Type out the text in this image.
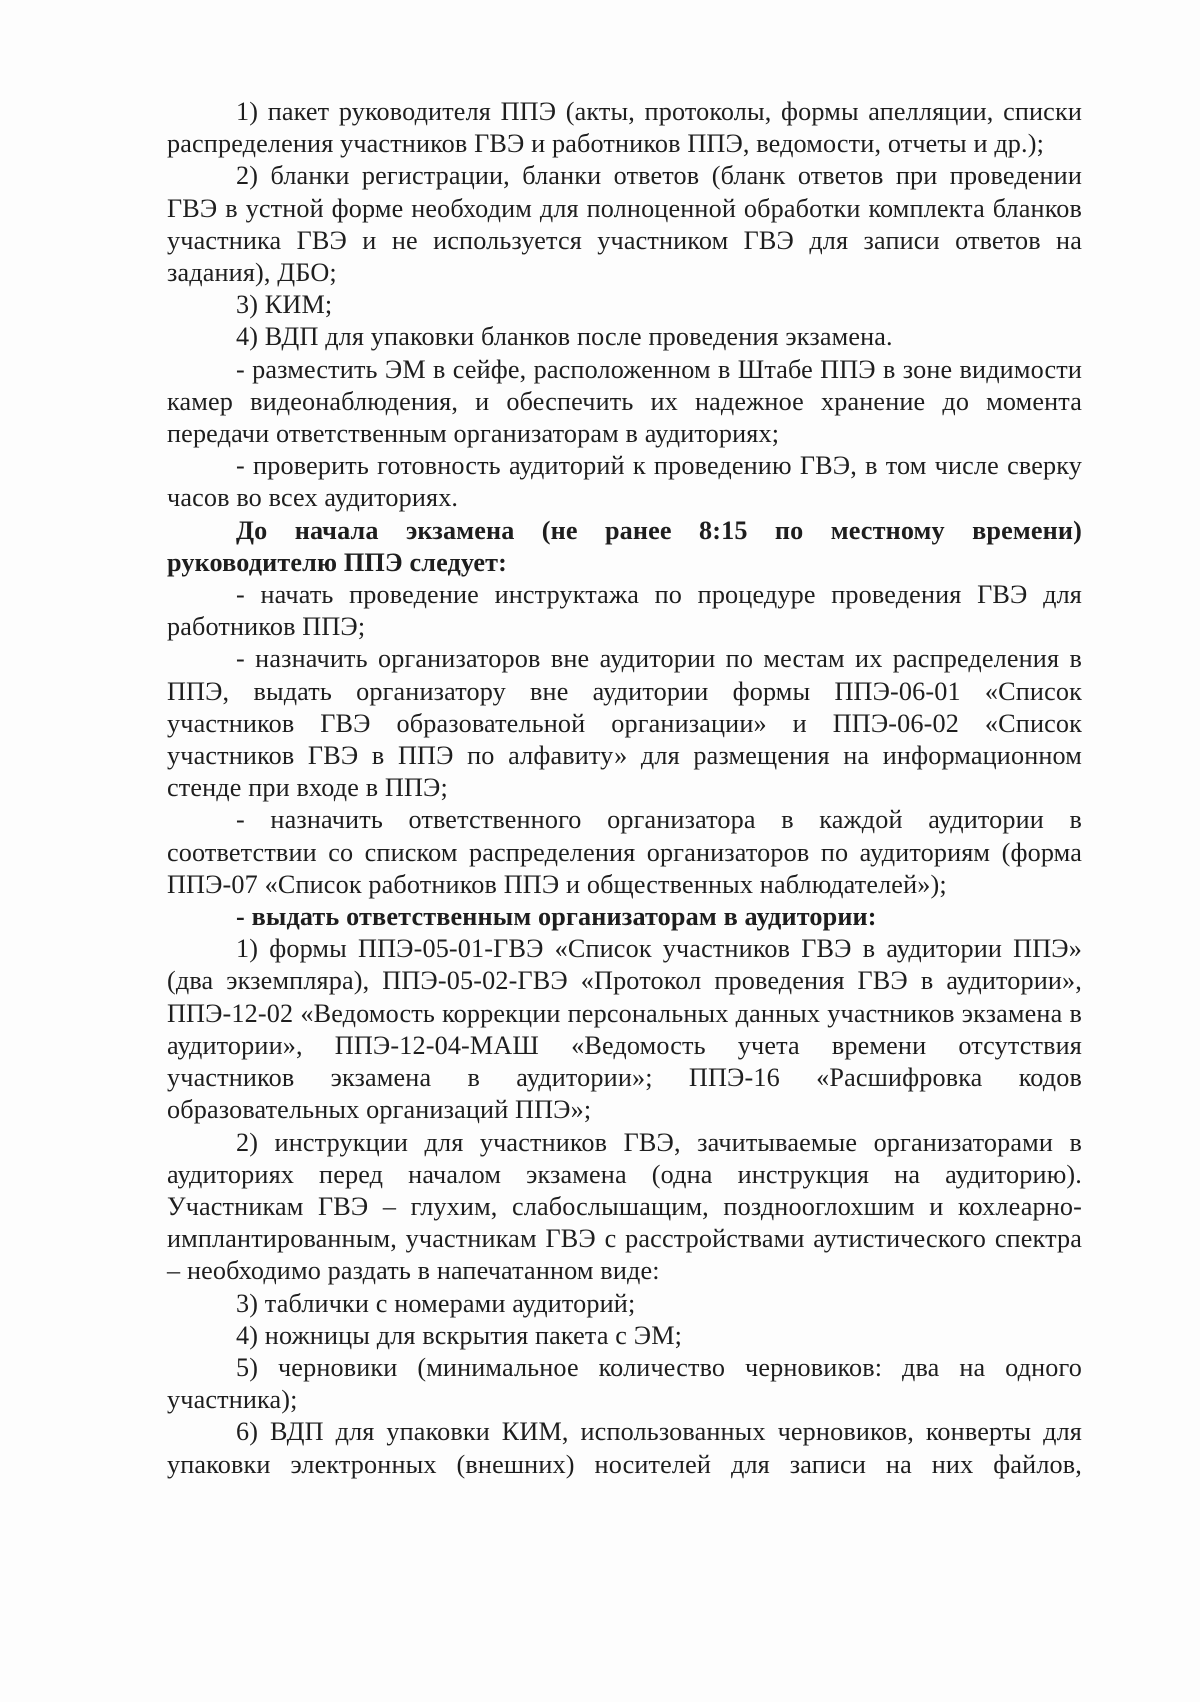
1) пакет руководителя ППЭ (акты, протоколы, формы апелляции, списки распределения участников ГВЭ и работников ППЭ, ведомости, отчеты и др.);

2) бланки регистрации, бланки ответов (бланк ответов при проведении ГВЭ в устной форме необходим для полноценной обработки комплекта бланков участника ГВЭ и не используется участником ГВЭ для записи ответов на задания), ДБО;

3) КИМ;

4) ВДП для упаковки бланков после проведения экзамена.

- разместить ЭМ в сейфе, расположенном в Штабе ППЭ в зоне видимости камер видеонаблюдения, и обеспечить их надежное хранение до момента передачи ответственным организаторам в аудиториях;

- проверить готовность аудиторий к проведению ГВЭ, в том числе сверку часов во всех аудиториях.

До начала экзамена (не ранее 8:15 по местному времени) руководителю ППЭ следует:

- начать проведение инструктажа по процедуре проведения ГВЭ для работников ППЭ;

- назначить организаторов вне аудитории по местам их распределения в ППЭ, выдать организатору вне аудитории формы ППЭ-06-01 «Список участников ГВЭ образовательной организации» и ППЭ-06-02 «Список участников ГВЭ в ППЭ по алфавиту» для размещения на информационном стенде при входе в ППЭ;

- назначить ответственного организатора в каждой аудитории в соответствии со списком распределения организаторов по аудиториям (форма ППЭ-07 «Список работников ППЭ и общественных наблюдателей»);

- выдать ответственным организаторам в аудитории:

1) формы ППЭ-05-01-ГВЭ «Список участников ГВЭ в аудитории ППЭ» (два экземпляра), ППЭ-05-02-ГВЭ «Протокол проведения ГВЭ в аудитории», ППЭ-12-02 «Ведомость коррекции персональных данных участников экзамена в аудитории», ППЭ-12-04-МАШ «Ведомость учета времени отсутствия участников экзамена в аудитории»; ППЭ-16 «Расшифровка кодов образовательных организаций ППЭ»;

2) инструкции для участников ГВЭ, зачитываемые организаторами в аудиториях перед началом экзамена (одна инструкция на аудиторию). Участникам ГВЭ – глухим, слабослышащим, позднооглохшим и кохлеарно-имплантированным, участникам ГВЭ с расстройствами аутистического спектра – необходимо раздать в напечатанном виде:

3) таблички с номерами аудиторий;

4) ножницы для вскрытия пакета с ЭМ;

5) черновики (минимальное количество черновиков: два на одного участника);

6) ВДП для упаковки КИМ, использованных черновиков, конверты для упаковки электронных (внешних) носителей для записи на них файлов,
